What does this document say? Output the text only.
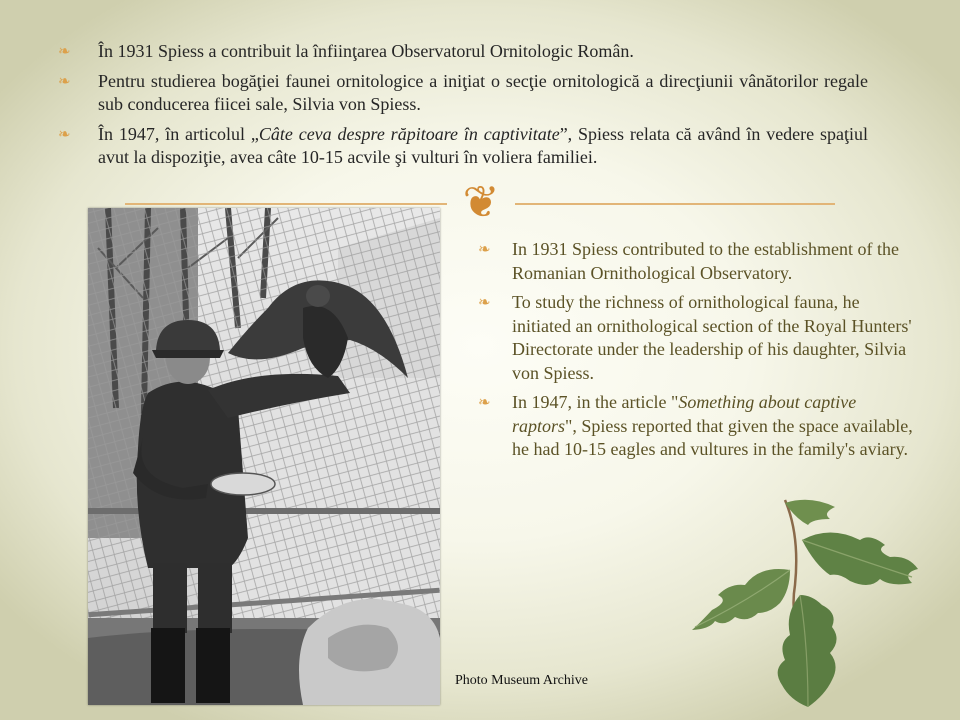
❧ În 1931 Spiess a contribuit la înfiinţarea Observatorul Ornitologic Român.
❧ Pentru studierea bogăţiei faunei ornitologice a iniţiat o secţie ornitologică a direcţiunii vânătorilor regale sub conducerea fiicei sale, Silvia von Spiess.
❧ În 1947, în articolul „Câte ceva despre răpitoare în captivitate”, Spiess relata că având în vedere spaţiul avut la dispoziţie, avea câte 10-15 acvile şi vulturi în voliera familiei.
❦
❧ In 1931 Spiess contributed to the establishment of the Romanian Ornithological Observatory.
❧ To study the richness of ornithological fauna, he initiated an ornithological section of the Royal Hunters' Directorate under the leadership of his daughter, Silvia von Spiess.
❧ In 1947, in the article "Something about captive raptors", Spiess reported that given the space available, he had 10-15 eagles and vultures in the family's aviary.
Photo Museum Archive
